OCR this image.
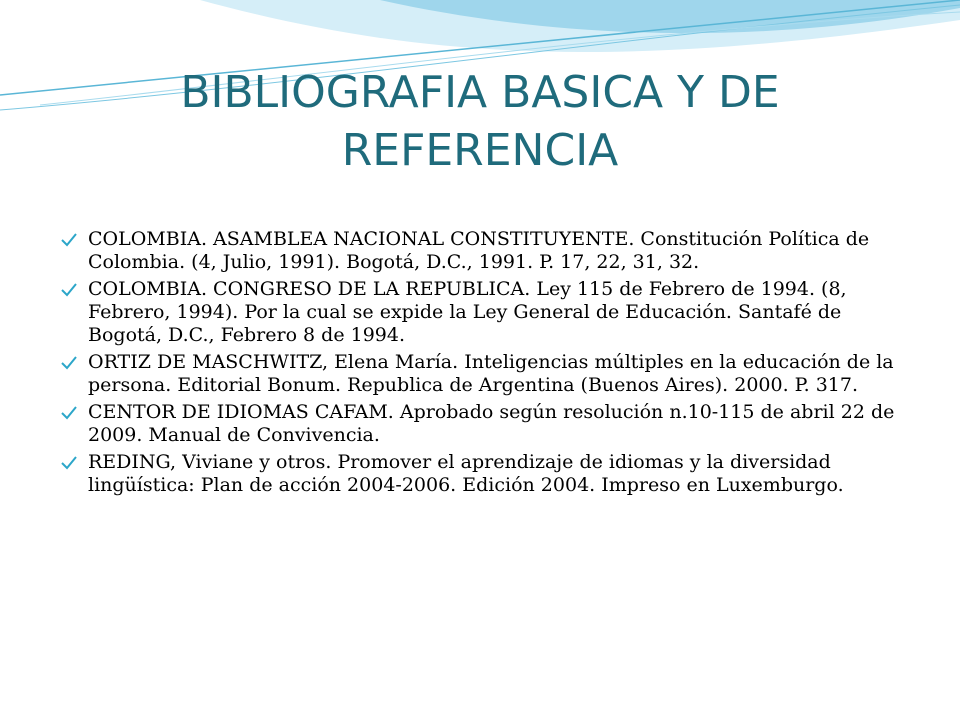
BIBLIOGRAFIA BASICA Y DE
REFERENCIA
COLOMBIA. ASAMBLEA NACIONAL CONSTITUYENTE. Constitución Política de Colombia. (4, Julio, 1991). Bogotá, D.C., 1991. P. 17, 22, 31, 32.
COLOMBIA. CONGRESO DE LA REPUBLICA. Ley 115 de Febrero de 1994. (8, Febrero, 1994). Por la cual se expide la Ley General de Educación. Santafé de Bogotá, D.C., Febrero 8 de 1994.
ORTIZ DE MASCHWITZ, Elena María. Inteligencias múltiples en la educación de la persona. Editorial Bonum. Republica de Argentina (Buenos Aires). 2000. P. 317.
CENTOR DE IDIOMAS CAFAM. Aprobado según resolución n.10-115 de abril 22 de 2009. Manual de Convivencia.
REDING, Viviane y otros. Promover el aprendizaje de idiomas y la diversidad lingüística: Plan de acción 2004-2006. Edición 2004. Impreso en Luxemburgo.
